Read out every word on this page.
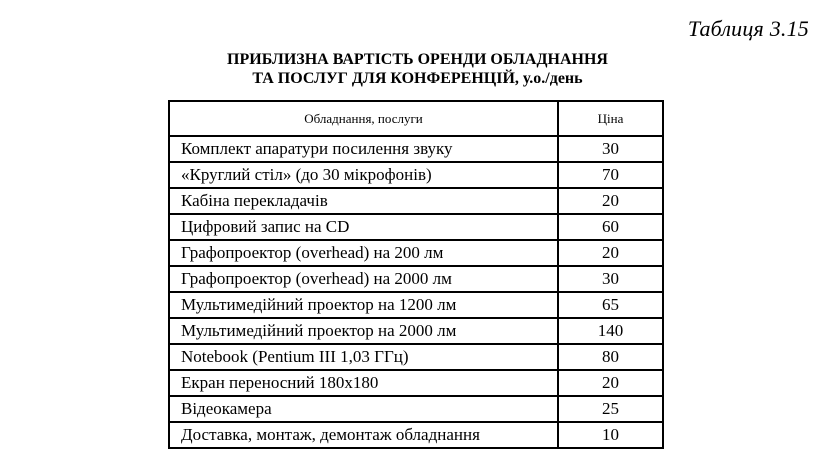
Таблиця 3.15
ПРИБЛИЗНА ВАРТІСТЬ ОРЕНДИ ОБЛАДНАННЯ
ТА ПОСЛУГ ДЛЯ КОНФЕРЕНЦІЙ, у.о./день
Обладнання, послуги	Ціна
Комплект апаратури посилення звуку	30
«Круглий стіл» (до 30 мікрофонів)	70
Кабіна перекладачів	20
Цифровий запис на CD	60
Графопроектор (overhead) на 200 лм	20
Графопроектор (overhead) на 2000 лм	30
Мультимедійний проектор на 1200 лм	65
Мультимедійний проектор на 2000 лм	140
Notebook (Pentium III 1,03 ГГц)	80
Екран переносний 180x180	20
Відеокамера	25
Доставка, монтаж, демонтаж обладнання	10
